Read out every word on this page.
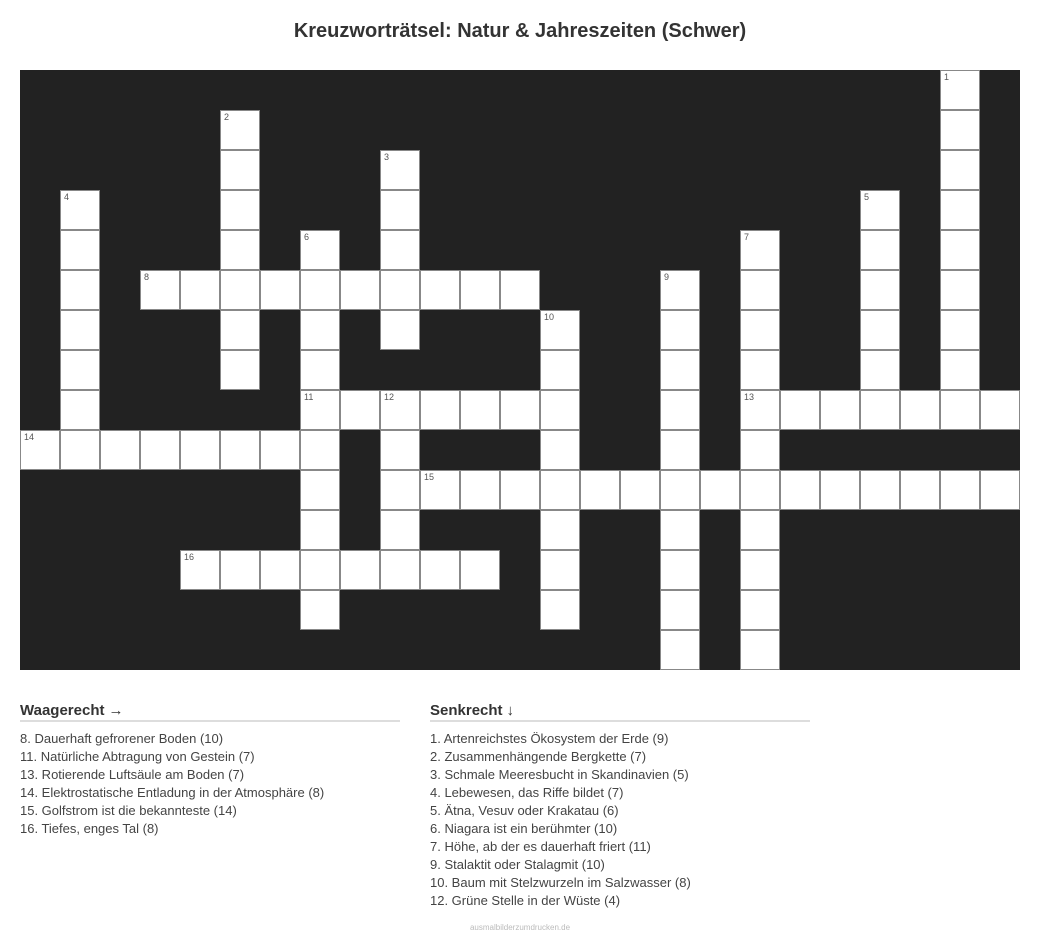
Kreuzworträtsel: Natur & Jahreszeiten (Schwer)
8
11	12	13
14
15
16
1
2
3
4	5
6	7
9
10
Waagerecht →
8. Dauerhaft gefrorener Boden (10)
11. Natürliche Abtragung von Gestein (7)
13. Rotierende Luftsäule am Boden (7)
14. Elektrostatische Entladung in der Atmosphäre (8)
15. Golfstrom ist die bekannteste (14)
16. Tiefes, enges Tal (8)
Senkrecht ↓
1. Artenreichstes Ökosystem der Erde (9)
2. Zusammenhängende Bergkette (7)
3. Schmale Meeresbucht in Skandinavien (5)
4. Lebewesen, das Riffe bildet (7)
5. Ätna, Vesuv oder Krakatau (6)
6. Niagara ist ein berühmter (10)
7. Höhe, ab der es dauerhaft friert (11)
9. Stalaktit oder Stalagmit (10)
10. Baum mit Stelzwurzeln im Salzwasser (8)
12. Grüne Stelle in der Wüste (4)
ausmalbilderzumdrucken.de
